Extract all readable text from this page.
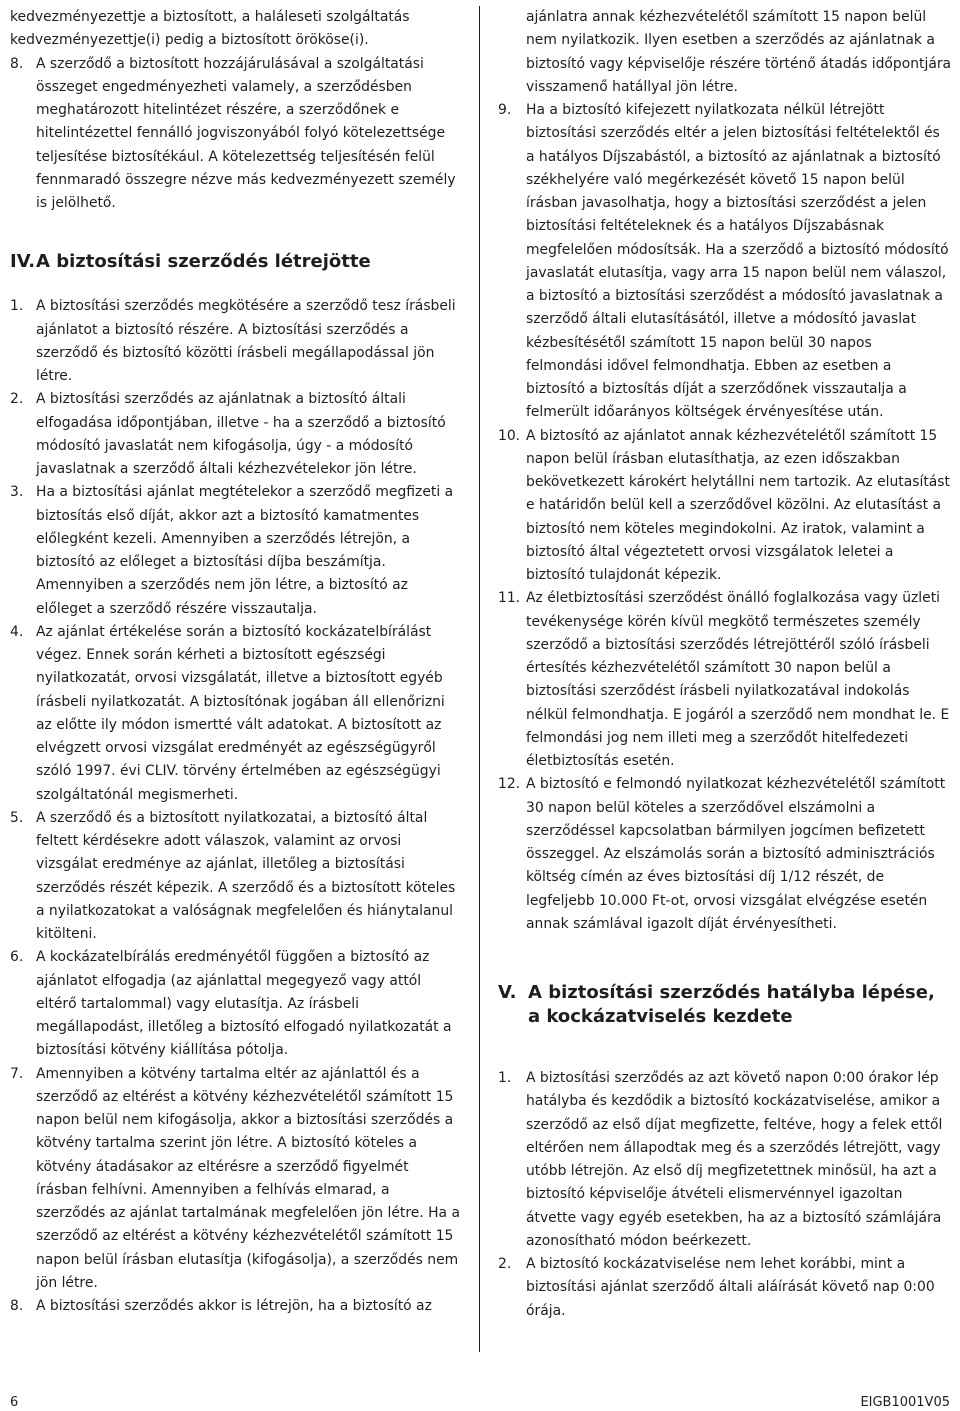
kedvezményezettje a biztosított, a haláleseti szolgáltatás kedvezményezettje(i) pedig a biztosított örököse(i).

8. A szerződő a biztosított hozzájárulásával a szolgáltatási összeget engedményezheti valamely, a szerződésben meghatározott hitelintézet részére, a szerződőnek e hitelintézettel fennálló jogviszonyából folyó kötelezettsége teljesítése biztosítékául. A kötelezettség teljesítésén felül fennmaradó összegre nézve más kedvezményezett személy is jelölhető.
IV. A biztosítási szerződés létrejötte
1. A biztosítási szerződés megkötésére a szerződő tesz írásbeli ajánlatot a biztosító részére. A biztosítási szerződés a szerződő és biztosító közötti írásbeli megállapodással jön létre.
2. A biztosítási szerződés az ajánlatnak a biztosító általi elfogadása időpontjában, illetve - ha a szerződő a biztosító módosító javaslatát nem kifogásolja, úgy - a módosító javaslatnak a szerződő általi kézhezvételekor jön létre.
3. Ha a biztosítási ajánlat megtételekor a szerződő megfizeti a biztosítás első díját, akkor azt a biztosító kamatmentes előlegként kezeli. Amennyiben a szerződés létrejön, a biztosító az előleget a biztosítási díjba beszámítja. Amennyiben a szerződés nem jön létre, a biztosító az előleget a szerződő részére visszautalja.
4. Az ajánlat értékelése során a biztosító kockázatelbírálást végez. Ennek során kérheti a biztosított egészségi nyilatkozatát, orvosi vizsgálatát, illetve a biztosított egyéb írásbeli nyilatkozatát. A biztosítónak jogában áll ellenőrizni az előtte ily módon ismertté vált adatokat. A biztosított az elvégzett orvosi vizsgálat eredményét az egészségügyről szóló 1997. évi CLIV. törvény értelmében az egészségügyi szolgáltatónál megismerheti.
5. A szerződő és a biztosított nyilatkozatai, a biztosító által feltett kérdésekre adott válaszok, valamint az orvosi vizsgálat eredménye az ajánlat, illetőleg a biztosítási szerződés részét képezik. A szerződő és a biztosított köteles a nyilatkozatokat a valóságnak megfelelően és hiánytalanul kitölteni.
6. A kockázatelbírálás eredményétől függően a biztosító az ajánlatot elfogadja (az ajánlattal megegyező vagy attól eltérő tartalommal) vagy elutasítja. Az írásbeli megállapodást, illetőleg a biztosító elfogadó nyilatkozatát a biztosítási kötvény kiállítása pótolja.
7. Amennyiben a kötvény tartalma eltér az ajánlattól és a szerződő az eltérést a kötvény kézhezvételétől számított 15 napon belül nem kifogásolja, akkor a biztosítási szerződés a kötvény tartalma szerint jön létre. A biztosító köteles a kötvény átadásakor az eltérésre a szerződő figyelmét írásban felhívni. Amennyiben a felhívás elmarad, a szerződés az ajánlat tartalmának megfelelően jön létre. Ha a szerződő az eltérést a kötvény kézhezvételétől számított 15 napon belül írásban elutasítja (kifogásolja), a szerződés nem jön létre.
8. A biztosítási szerződés akkor is létrejön, ha a biztosító az

ajánlatra annak kézhezvételétől számított 15 napon belül nem nyilatkozik. Ilyen esetben a szerződés az ajánlatnak a biztosító vagy képviselője részére történő átadás időpontjára visszamenő hatállyal jön létre.

9. Ha a biztosító kifejezett nyilatkozata nélkül létrejött biztosítási szerződés eltér a jelen biztosítási feltételektől és a hatályos Díjszabástól, a biztosító az ajánlatnak a biztosító székhelyére való megérkezését követő 15 napon belül írásban javasolhatja, hogy a biztosítási szerződést a jelen biztosítási feltételeknek és a hatályos Díjszabásnak megfelelően módosítsák. Ha a szerződő a biztosító módosító javaslatát elutasítja, vagy arra 15 napon belül nem válaszol, a biztosító a biztosítási szerződést a módosító javaslatnak a szerződő általi elutasításától, illetve a módosító javaslat kézbesítésétől számított 15 napon belül 30 napos felmondási idővel felmondhatja. Ebben az esetben a biztosító a biztosítás díját a szerződőnek visszautalja a felmerült időarányos költségek érvényesítése után.
10. A biztosító az ajánlatot annak kézhezvételétől számított 15 napon belül írásban elutasíthatja, az ezen időszakban bekövetkezett károkért helytállni nem tartozik. Az elutasítást e határidőn belül kell a szerződővel közölni. Az elutasítást a biztosító nem köteles megindokolni. Az iratok, valamint a biztosító által végeztetett orvosi vizsgálatok leletei a biztosító tulajdonát képezik.
11. Az életbiztosítási szerződést önálló foglalkozása vagy üzleti tevékenysége körén kívül megkötő természetes személy szerződő a biztosítási szerződés létrejöttéről szóló írásbeli értesítés kézhezvételétől számított 30 napon belül a biztosítási szerződést írásbeli nyilatkozatával indokolás nélkül felmondhatja. E jogáról a szerződő nem mondhat le. E felmondási jog nem illeti meg a szerződőt hitelfedezeti életbiztosítás esetén.
12. A biztosító e felmondó nyilatkozat kézhezvételétől számított 30 napon belül köteles a szerződővel elszámolni a szerződéssel kapcsolatban bármilyen jogcímen befizetett összeggel. Az elszámolás során a biztosító adminisztrációs költség címén az éves biztosítási díj 1/12 részét, de legfeljebb 10.000 Ft-ot, orvosi vizsgálat elvégzése esetén annak számlával igazolt díját érvényesítheti.
V. A biztosítási szerződés hatályba lépése,
a kockázatviselés kezdete
1. A biztosítási szerződés az azt követő napon 0:00 órakor lép hatályba és kezdődik a biztosító kockázatviselése, amikor a szerződő az első díjat megfizette, feltéve, hogy a felek ettől eltérően nem állapodtak meg és a szerződés létrejött, vagy utóbb létrejön. Az első díj megfizetettnek minősül, ha azt a biztosító képviselője átvételi elismervénnyel igazoltan átvette vagy egyéb esetekben, ha az a biztosító számlájára azonosítható módon beérkezett.
2. A biztosító kockázatviselése nem lehet korábbi, mint a biztosítási ajánlat szerződő általi aláírását követő nap 0:00 órája.
6	EIGB1001V05
